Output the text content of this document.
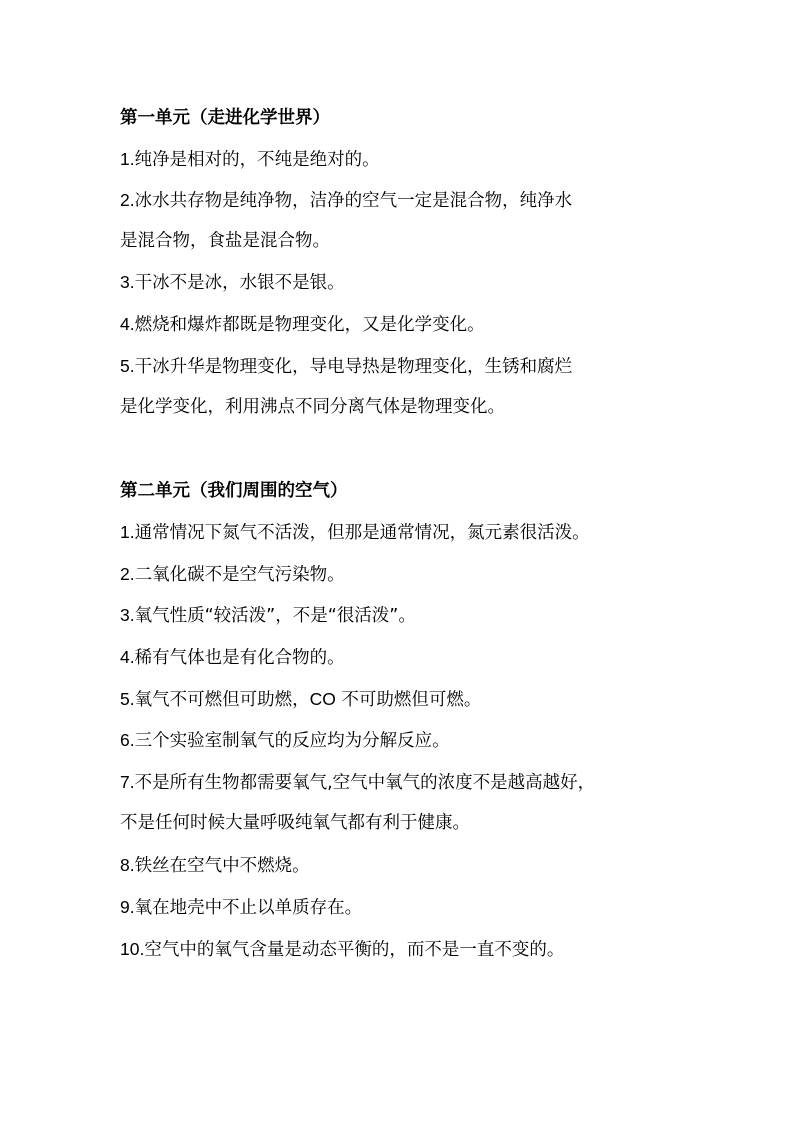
第一单元（走进化学世界）
1.纯净是相对的，不纯是绝对的。
2.冰水共存物是纯净物，洁净的空气一定是混合物，纯净水
是混合物，食盐是混合物。
3.干冰不是冰，水银不是银。
4.燃烧和爆炸都既是物理变化，又是化学变化。
5.干冰升华是物理变化，导电导热是物理变化，生锈和腐烂
是化学变化，利用沸点不同分离气体是物理变化。
第二单元（我们周围的空气）
1.通常情况下氮气不活泼，但那是通常情况，氮元素很活泼。
2.二氧化碳不是空气污染物。
3.氧气性质“较活泼”，不是“很活泼”。
4.稀有气体也是有化合物的。
5.氧气不可燃但可助燃，CO 不可助燃但可燃。
6.三个实验室制氧气的反应均为分解反应。
7.不是所有生物都需要氧气,空气中氧气的浓度不是越高越好，
不是任何时候大量呼吸纯氧气都有利于健康。
8.铁丝在空气中不燃烧。
9.氧在地壳中不止以单质存在。
10.空气中的氧气含量是动态平衡的，而不是一直不变的。
